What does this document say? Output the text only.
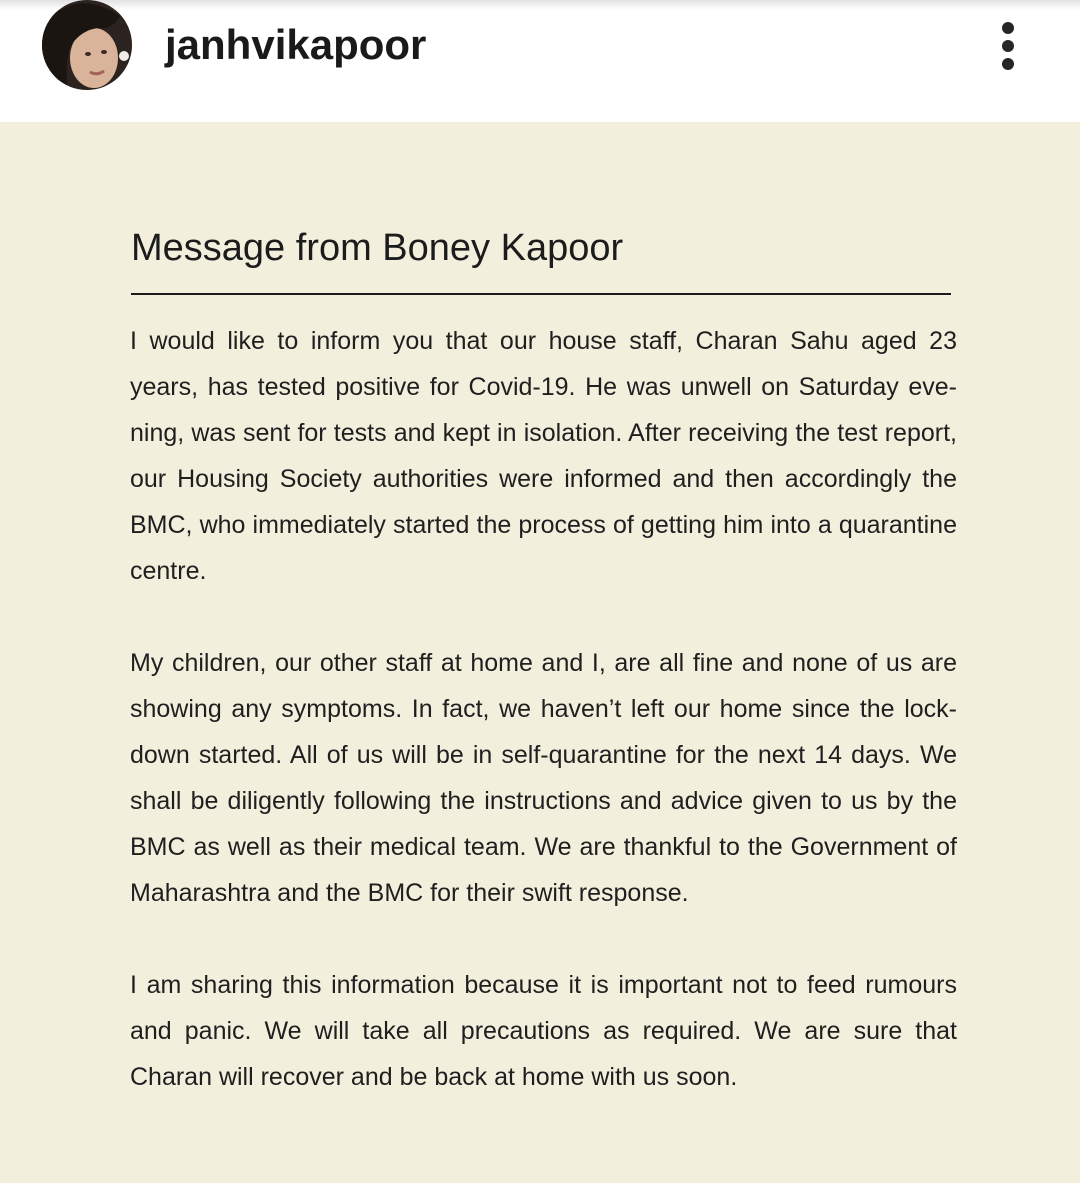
janhvikapoor
Message from Boney Kapoor

I would like to inform you that our house staff, Charan Sahu aged 23 years, has tested positive for Covid-19. He was unwell on Saturday evening, was sent for tests and kept in isolation. After receiving the test report, our Housing Society authorities were informed and then accordingly the BMC, who immediately started the process of getting him into a quarantine centre.

My children, our other staff at home and I, are all fine and none of us are showing any symptoms. In fact, we haven’t left our home since the lockdown started. All of us will be in self-quarantine for the next 14 days. We shall be diligently following the instructions and advice given to us by the BMC as well as their medical team. We are thankful to the Government of Maharashtra and the BMC for their swift response.

I am sharing this information because it is important not to feed rumours and panic. We will take all precautions as required. We are sure that Charan will recover and be back at home with us soon.
